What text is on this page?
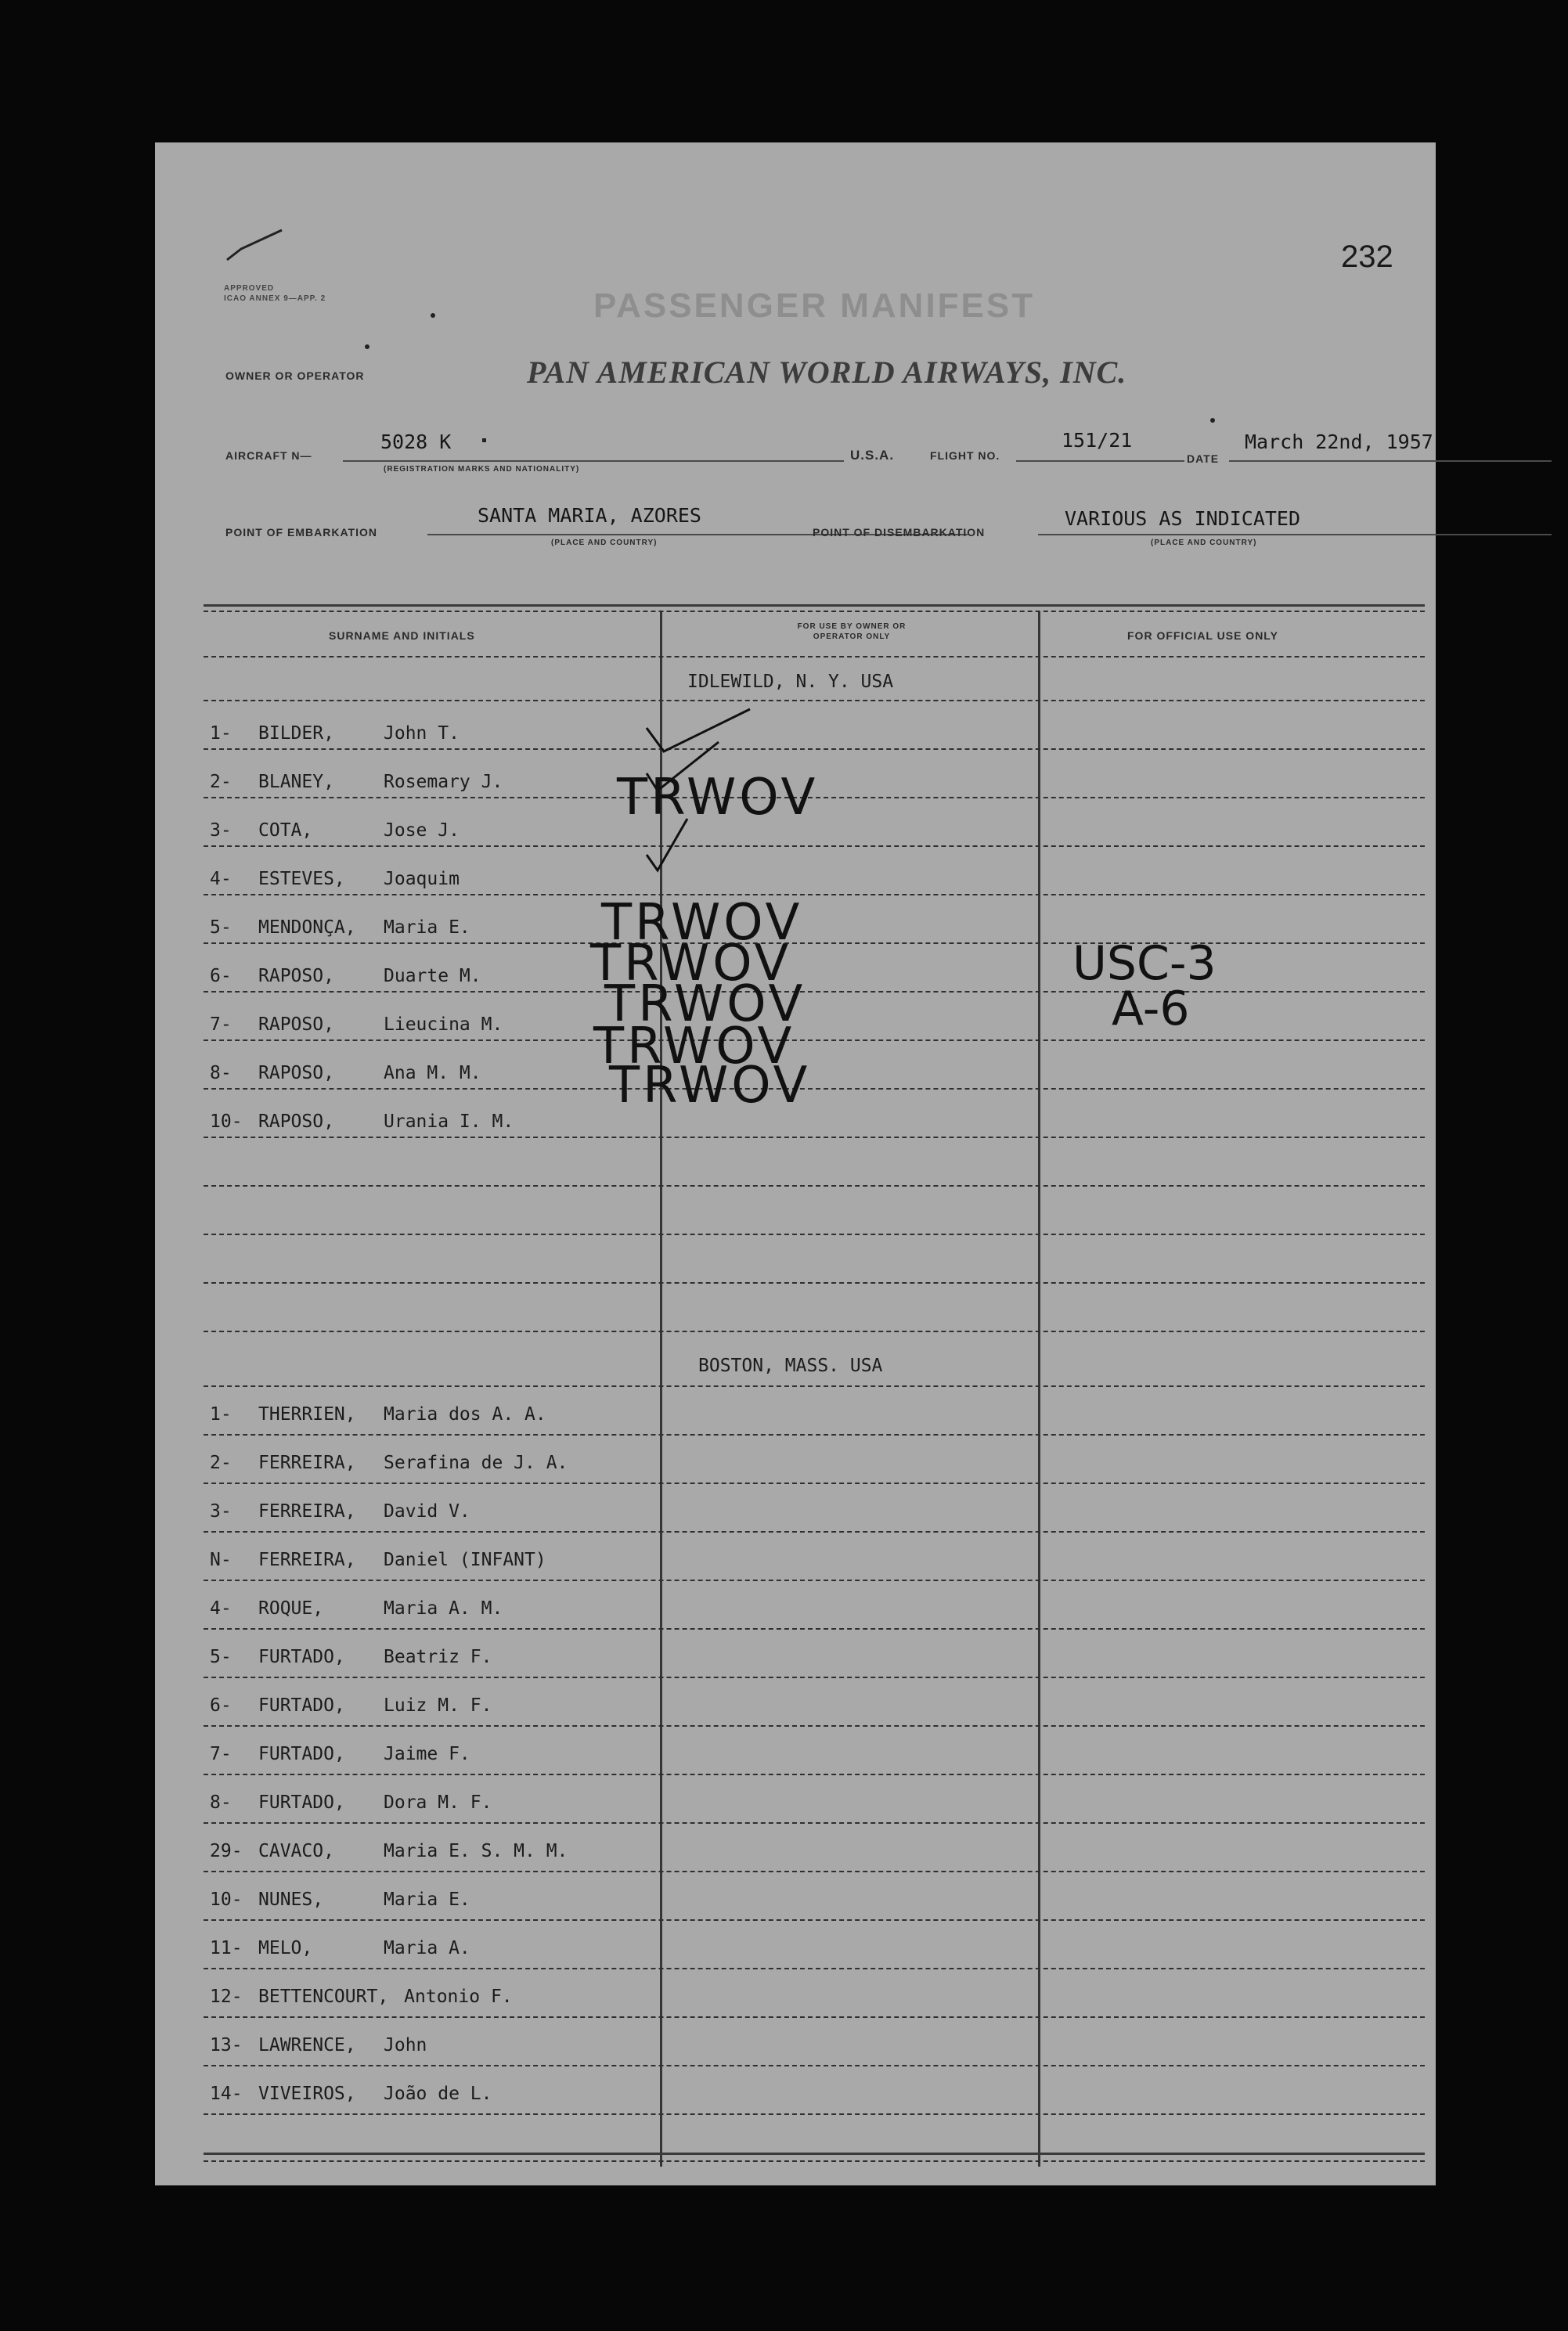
APPROVED
ICAO ANNEX 9—APP. 2	PASSENGER MANIFEST
232
OWNER OR OPERATOR	PAN AMERICAN WORLD AIRWAYS, INC.
AIRCRAFT N—
5028 K
(REGISTRATION MARKS AND NATIONALITY)
U.S.A.	FLIGHT NO.
151/21
DATE
March 22nd, 1957
POINT OF EMBARKATION
SANTA MARIA, AZORES
(PLACE AND COUNTRY)
POINT OF DISEMBARKATION
VARIOUS AS INDICATED
(PLACE AND COUNTRY)
SURNAME AND INITIALS
FOR USE BY OWNER OR OPERATOR ONLY	FOR OFFICIAL USE ONLY
IDLEWILD, N. Y. USA
1- BILDER,	John T.
2- BLANEY,	Rosemary J.
3- COTA,	Jose J.
4- ESTEVES, Joaquim
5- MENDONÇA, Maria E.
6- RAPOSO,	Duarte M.
7- RAPOSO,	Lieucina M.
8- RAPOSO,	Ana M. M.
10- RAPOSO,	Urania I. M.
BOSTON, MASS. USA
1- THERRIEN, Maria dos A. A.
2- FERREIRA, Serafina de J. A.
3- FERREIRA, David V.
N- FERREIRA, Daniel (INFANT)
4- ROQUE,	Maria A. M.
5- FURTADO, Beatriz F.
6- FURTADO, Luiz M. F.
7- FURTADO, Jaime F.
8- FURTADO, Dora M. F.
29- CAVACO,	Maria E. S. M. M.
10- NUNES,	Maria E.
11- MELO,	Maria A.
12- BETTENCOURT, Antonio F.
13- LAWRENCE, John
14- VIVEIROS, João de L.
TRWOV
TRWOV
TRWOV
TRWOV
TRWOV
TRWOV
USC-3
A-6
